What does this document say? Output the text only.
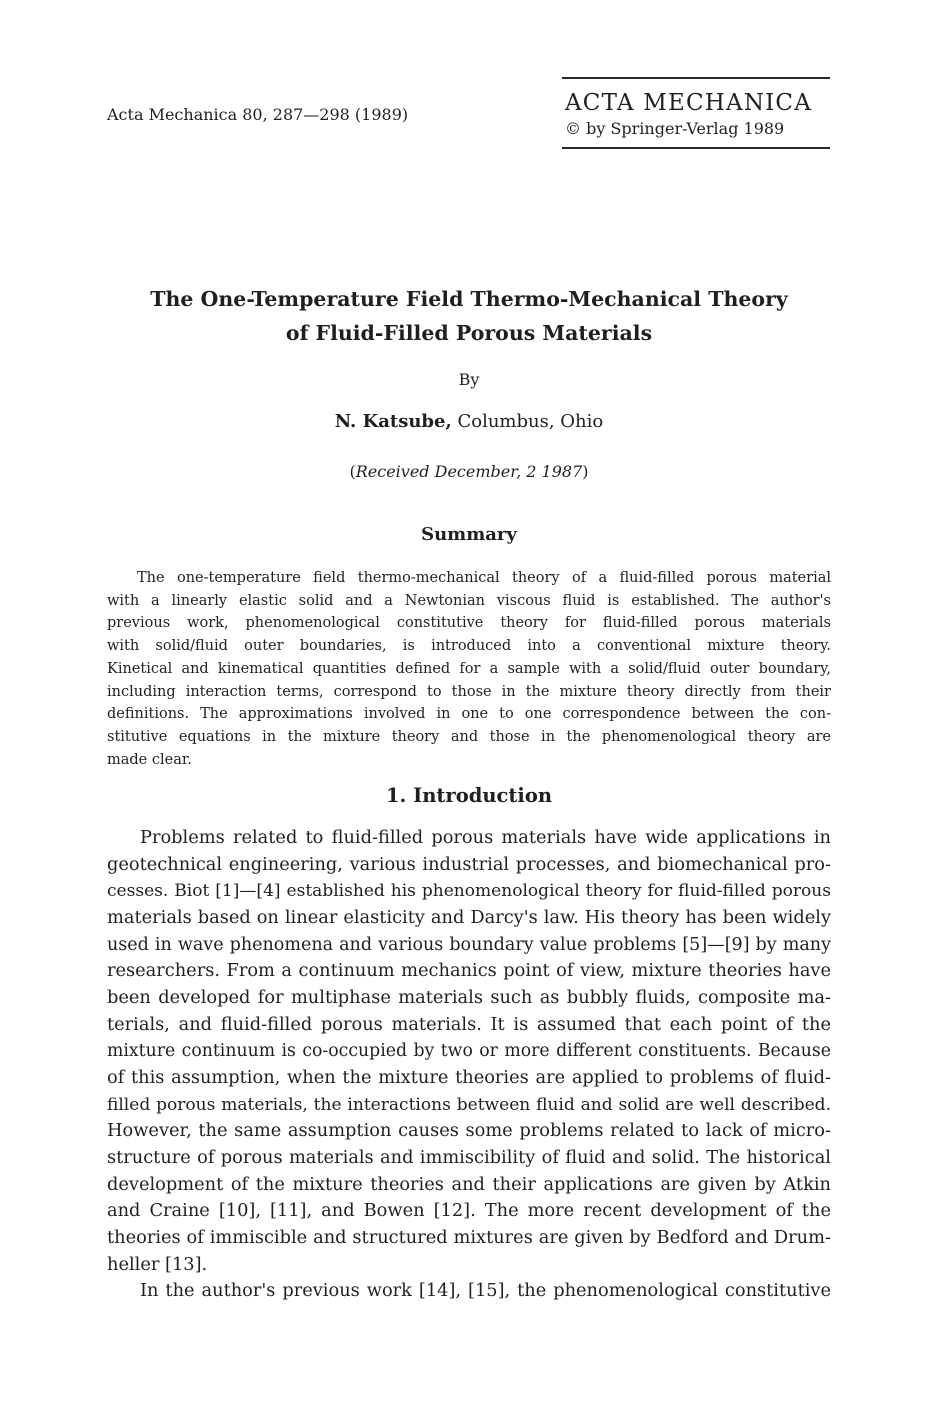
Acta Mechanica 80, 287—298 (1989)	ACTA MECHANICA
© by Springer-Verlag 1989
The One-Temperature Field Thermo-Mechanical Theory
of Fluid-Filled Porous Materials
By
N. Katsube, Columbus, Ohio
(Received December, 2 1987)
Summary
The one-temperature field thermo-mechanical theory of a fluid-filled porous material
with a linearly elastic solid and a Newtonian viscous fluid is established. The author's
previous work, phenomenological constitutive theory for fluid-filled porous materials
with solid/fluid outer boundaries, is introduced into a conventional mixture theory.
Kinetical and kinematical quantities defined for a sample with a solid/fluid outer boundary,
including interaction terms, correspond to those in the mixture theory directly from their
definitions. The approximations involved in one to one correspondence between the con-
stitutive equations in the mixture theory and those in the phenomenological theory are
made clear.
1. Introduction
Problems related to fluid-filled porous materials have wide applications in
geotechnical engineering, various industrial processes, and biomechanical pro-
cesses. Biot [1]—[4] established his phenomenological theory for fluid-filled porous
materials based on linear elasticity and Darcy's law. His theory has been widely
used in wave phenomena and various boundary value problems [5]—[9] by many
researchers. From a continuum mechanics point of view, mixture theories have
been developed for multiphase materials such as bubbly fluids, composite ma-
terials, and fluid-filled porous materials. It is assumed that each point of the
mixture continuum is co-occupied by two or more different constituents. Because
of this assumption, when the mixture theories are applied to problems of fluid-
filled porous materials, the interactions between fluid and solid are well described.
However, the same assumption causes some problems related to lack of micro-
structure of porous materials and immiscibility of fluid and solid. The historical
development of the mixture theories and their applications are given by Atkin
and Craine [10], [11], and Bowen [12]. The more recent development of the
theories of immiscible and structured mixtures are given by Bedford and Drum-
heller [13].
In the author's previous work [14], [15], the phenomenological constitutive
